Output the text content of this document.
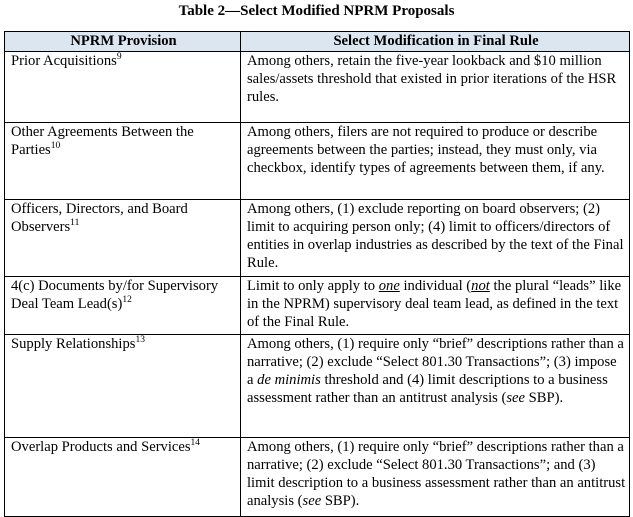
Table 2—Select Modified NPRM Proposals
NPRM Provision	Select Modification in Final Rule
Prior Acquisitions$^9$	Among others, retain the five-year lookback and $10 million sales/assets threshold that existed in prior iterations of the HSR rules.
Other Agreements Between the Parties$^{10}$	Among others, filers are not required to produce or describe agreements between the parties; instead, they must only, via checkbox, identify types of agreements between them, if any.
Officers, Directors, and Board Observers$^{11}$	Among others, (1) exclude reporting on board observers; (2) limit to acquiring person only; (4) limit to officers/directors of entities in overlap industries as described by the text of the Final Rule.
4(c) Documents by/for Supervisory Deal Team $Lead(s)^{12}$	Limit to only apply to one individual (not the plural “leads” like in the NPRM) supervisory deal team lead, as defined in the text of the Final Rule.
Supply Relationships$^{13}$	Among others, (1) require only “brief” descriptions rather than a narrative; (2) exclude “Select 801.30 Transactions”; (3) impose a de minimis threshold and (4) limit descriptions to a business assessment rather than an antitrust analysis (see SBP).
Overlap Products and Services$^{14}$	Among others, (1) require only “brief” descriptions rather than a narrative; (2) exclude “Select 801.30 Transactions”; and (3) limit description to a business assessment rather than an antitrust analysis (see SBP).
